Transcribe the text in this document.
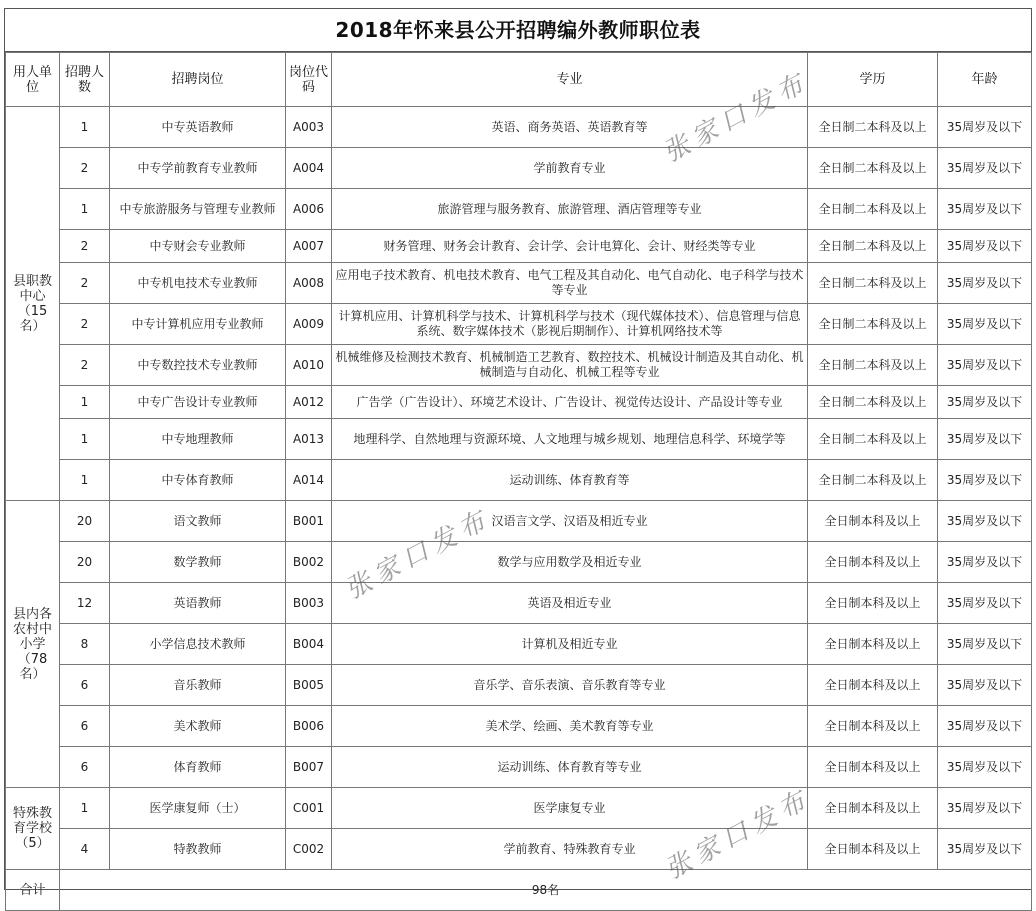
2018年怀来县公开招聘编外教师职位表
用人单位	招聘人数	招聘岗位	岗位代码	专业	学历	年龄
县职教中心（15名）	1	中专英语教师	A003	英语、商务英语、英语教育等	全日制二本科及以上	35周岁及以下
	2	中专学前教育专业教师	A004	学前教育专业	全日制二本科及以上	35周岁及以下
	1	中专旅游服务与管理专业教师	A006	旅游管理与服务教育、旅游管理、酒店管理等专业	全日制二本科及以上	35周岁及以下
	2	中专财会专业教师	A007	财务管理、财务会计教育、会计学、会计电算化、会计、财经类等专业	全日制二本科及以上	35周岁及以下
	2	中专机电技术专业教师	A008	应用电子技术教育、机电技术教育、电气工程及其自动化、电气自动化、电子科学与技术等专业	全日制二本科及以上	35周岁及以下
	2	中专计算机应用专业教师	A009	计算机应用、计算机科学与技术、计算机科学与技术（现代媒体技术）、信息管理与信息系统、数字媒体技术（影视后期制作）、计算机网络技术等	全日制二本科及以上	35周岁及以下
	2	中专数控技术专业教师	A010	机械维修及检测技术教育、机械制造工艺教育、数控技术、机械设计制造及其自动化、机械制造与自动化、机械工程等专业	全日制二本科及以上	35周岁及以下
	1	中专广告设计专业教师	A012	广告学（广告设计）、环境艺术设计、广告设计、视觉传达设计、产品设计等专业	全日制二本科及以上	35周岁及以下
	1	中专地理教师	A013	地理科学、自然地理与资源环境、人文地理与城乡规划、地理信息科学、环境学等	全日制二本科及以上	35周岁及以下
	1	中专体育教师	A014	运动训练、体育教育等	全日制二本科及以上	35周岁及以下
县内各农村中小学（78名）	20	语文教师	B001	汉语言文学、汉语及相近专业	全日制本科及以上	35周岁及以下
	20	数学教师	B002	数学与应用数学及相近专业	全日制本科及以上	35周岁及以下
	12	英语教师	B003	英语及相近专业	全日制本科及以上	35周岁及以下
	8	小学信息技术教师	B004	计算机及相近专业	全日制本科及以上	35周岁及以下
	6	音乐教师	B005	音乐学、音乐表演、音乐教育等专业	全日制本科及以上	35周岁及以下
	6	美术教师	B006	美术学、绘画、美术教育等专业	全日制本科及以上	35周岁及以下
	6	体育教师	B007	运动训练、体育教育等专业	全日制本科及以上	35周岁及以下
特殊教育学校（5）	1	医学康复师（士）	C001	医学康复专业	全日制本科及以上	35周岁及以下
	4	特教教师	C002	学前教育、特殊教育专业	全日制本科及以上	35周岁及以下
合计	98名					
张家口发布
张家口发布
张家口发布
